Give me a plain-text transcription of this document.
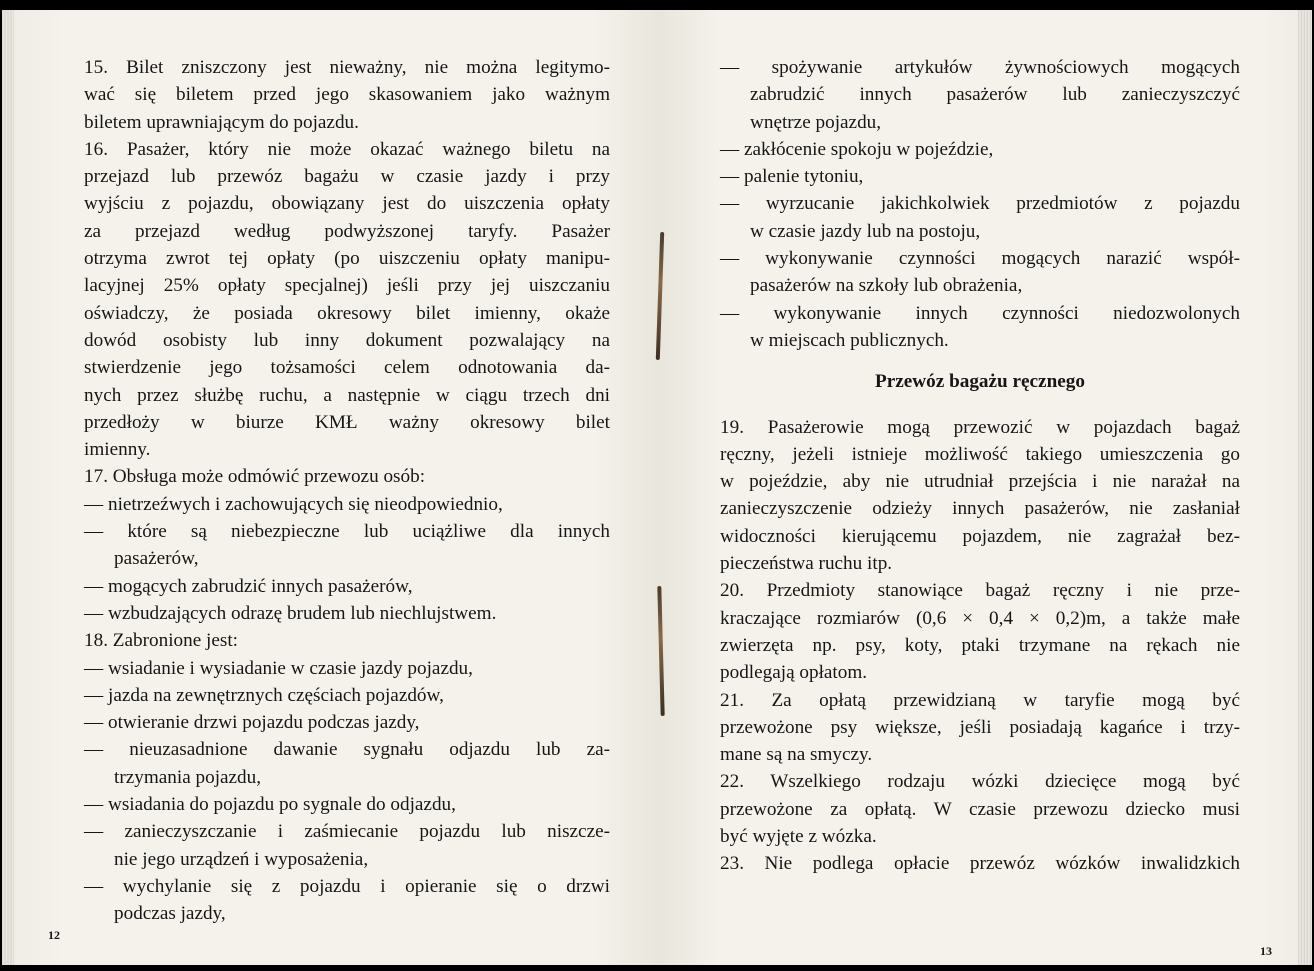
15. Bilet zniszczony jest nieważny, nie można legitymo-
wać się biletem przed jego skasowaniem jako ważnym
biletem uprawniającym do pojazdu.
16. Pasażer, który nie może okazać ważnego biletu na
przejazd lub przewóz bagażu w czasie jazdy i przy
wyjściu z pojazdu, obowiązany jest do uiszczenia opłaty
za przejazd według podwyższonej taryfy. Pasażer
otrzyma zwrot tej opłaty (po uiszczeniu opłaty manipu-
lacyjnej 25% opłaty specjalnej) jeśli przy jej uiszczaniu
oświadczy, że posiada okresowy bilet imienny, okaże
dowód osobisty lub inny dokument pozwalający na
stwierdzenie jego tożsamości celem odnotowania da-
nych przez służbę ruchu, a następnie w ciągu trzech dni
przedłoży w biurze KMŁ ważny okresowy bilet
imienny.
17. Obsługa może odmówić przewozu osób:
— nietrzeźwych i zachowujących się nieodpowiednio,
— które są niebezpieczne lub uciążliwe dla innych
pasażerów,
— mogących zabrudzić innych pasażerów,
— wzbudzających odrazę brudem lub niechlujstwem.
18. Zabronione jest:
— wsiadanie i wysiadanie w czasie jazdy pojazdu,
— jazda na zewnętrznych częściach pojazdów,
— otwieranie drzwi pojazdu podczas jazdy,
— nieuzasadnione dawanie sygnału odjazdu lub za-
trzymania pojazdu,
— wsiadania do pojazdu po sygnale do odjazdu,
— zanieczyszczanie i zaśmiecanie pojazdu lub niszcze-
nie jego urządzeń i wyposażenia,
— wychylanie się z pojazdu i opieranie się o drzwi
podczas jazdy,
12
— spożywanie artykułów żywnościowych mogących
zabrudzić innych pasażerów lub zanieczyszczyć
wnętrze pojazdu,
— zakłócenie spokoju w pojeździe,
— palenie tytoniu,
— wyrzucanie jakichkolwiek przedmiotów z pojazdu
w czasie jazdy lub na postoju,
— wykonywanie czynności mogących narazić współ-
pasażerów na szkoły lub obrażenia,
— wykonywanie innych czynności niedozwolonych
w miejscach publicznych.
Przewóz bagażu ręcznego
19. Pasażerowie mogą przewozić w pojazdach bagaż
ręczny, jeżeli istnieje możliwość takiego umieszczenia go
w pojeździe, aby nie utrudniał przejścia i nie narażał na
zanieczyszczenie odzieży innych pasażerów, nie zasłaniał
widoczności kierującemu pojazdem, nie zagrażał bez-
pieczeństwa ruchu itp.
20. Przedmioty stanowiące bagaż ręczny i nie prze-
kraczające rozmiarów (0,6 × 0,4 × 0,2)m, a także małe
zwierzęta np. psy, koty, ptaki trzymane na rękach nie
podlegają opłatom.
21. Za opłatą przewidzianą w taryfie mogą być
przewożone psy większe, jeśli posiadają kagańce i trzy-
mane są na smyczy.
22. Wszelkiego rodzaju wózki dziecięce mogą być
przewożone za opłatą. W czasie przewozu dziecko musi
być wyjęte z wózka.
23. Nie podlega opłacie przewóz wózków inwalidzkich
13
